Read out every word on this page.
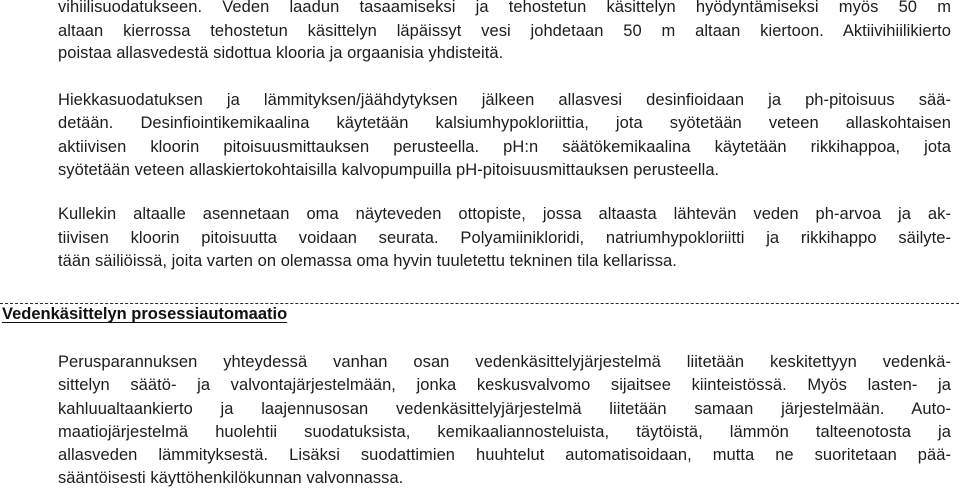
vihiilisuodatukseen. Veden laadun tasaamiseksi ja tehostetun käsittelyn hyödyntämiseksi myös 50 m
altaan kierrossa tehostetun käsittelyn läpäissyt vesi johdetaan 50 m altaan kiertoon. Aktiivihiilikierto
poistaa allasvedestä sidottua klooria ja orgaanisia yhdisteitä.
Hiekkasuodatuksen ja lämmityksen/jäähdytyksen jälkeen allasvesi desinfioidaan ja ph-pitoisuus sää-
detään. Desinfiointikemikaalina käytetään kalsiumhypokloriittia, jota syötetään veteen allaskohtaisen
aktiivisen kloorin pitoisuusmittauksen perusteella. pH:n säätökemikaalina käytetään rikkihappoa, jota
syötetään veteen allaskiertokohtaisilla kalvopumpuilla pH-pitoisuusmittauksen perusteella.
Kullekin altaalle asennetaan oma näyteveden ottopiste, jossa altaasta lähtevän veden ph-arvoa ja ak-
tiivisen kloorin pitoisuutta voidaan seurata. Polyamiinikloridi, natriumhypokloriitti ja rikkihappo säilyte-
tään säiliöissä, joita varten on olemassa oma hyvin tuuletettu tekninen tila kellarissa.
Vedenkäsittelyn prosessiautomaatio
Perusparannuksen yhteydessä vanhan osan vedenkäsittelyjärjestelmä liitetään keskitettyyn vedenkä-
sittelyn säätö- ja valvontajärjestelmään, jonka keskusvalvomo sijaitsee kiinteistössä. Myös lasten- ja
kahluualtaankierto ja laajennusosan vedenkäsittelyjärjestelmä liitetään samaan järjestelmään. Auto-
maatiojärjestelmä huolehtii suodatuksista, kemikaaliannosteluista, täytöistä, lämmön talteenotosta ja
allasveden lämmityksestä. Lisäksi suodattimien huuhtelut automatisoidaan, mutta ne suoritetaan pää-
sääntöisesti käyttöhenkilökunnan valvonnassa.
